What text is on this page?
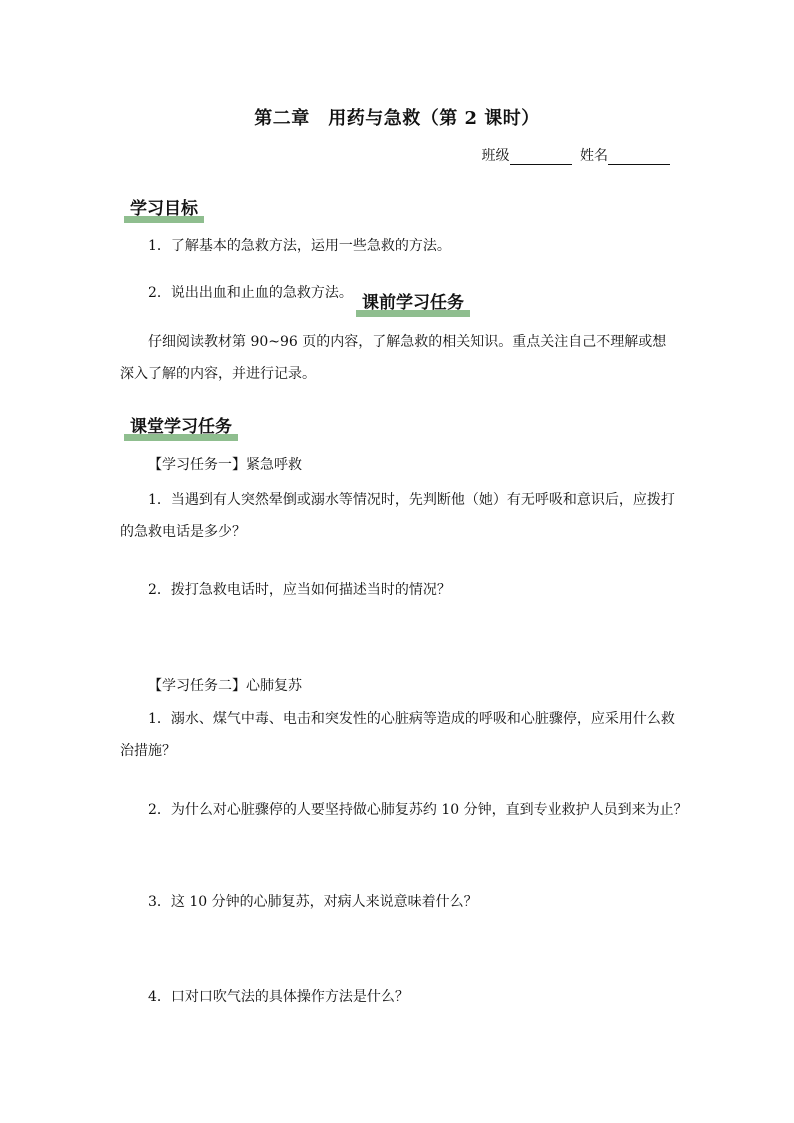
第二章　用药与急救（第 2 课时）
班级	姓名
学习目标
1．了解基本的急救方法，运用一些急救的方法。
2．说出出血和止血的急救方法。 课前学习任务
仔细阅读教材第 90~96 页的内容，了解急救的相关知识。重点关注自己不理解或想深入了解的内容，并进行记录。
课堂学习任务
【学习任务一】紧急呼救
1．当遇到有人突然晕倒或溺水等情况时，先判断他（她）有无呼吸和意识后，应拨打的急救电话是多少？
2．拨打急救电话时，应当如何描述当时的情况？
【学习任务二】心肺复苏
1．溺水、煤气中毒、电击和突发性的心脏病等造成的呼吸和心脏骤停，应采用什么救治措施？
2．为什么对心脏骤停的人要坚持做心肺复苏约 10 分钟，直到专业救护人员到来为止？
3．这 10 分钟的心肺复苏，对病人来说意味着什么？
4．口对口吹气法的具体操作方法是什么？
